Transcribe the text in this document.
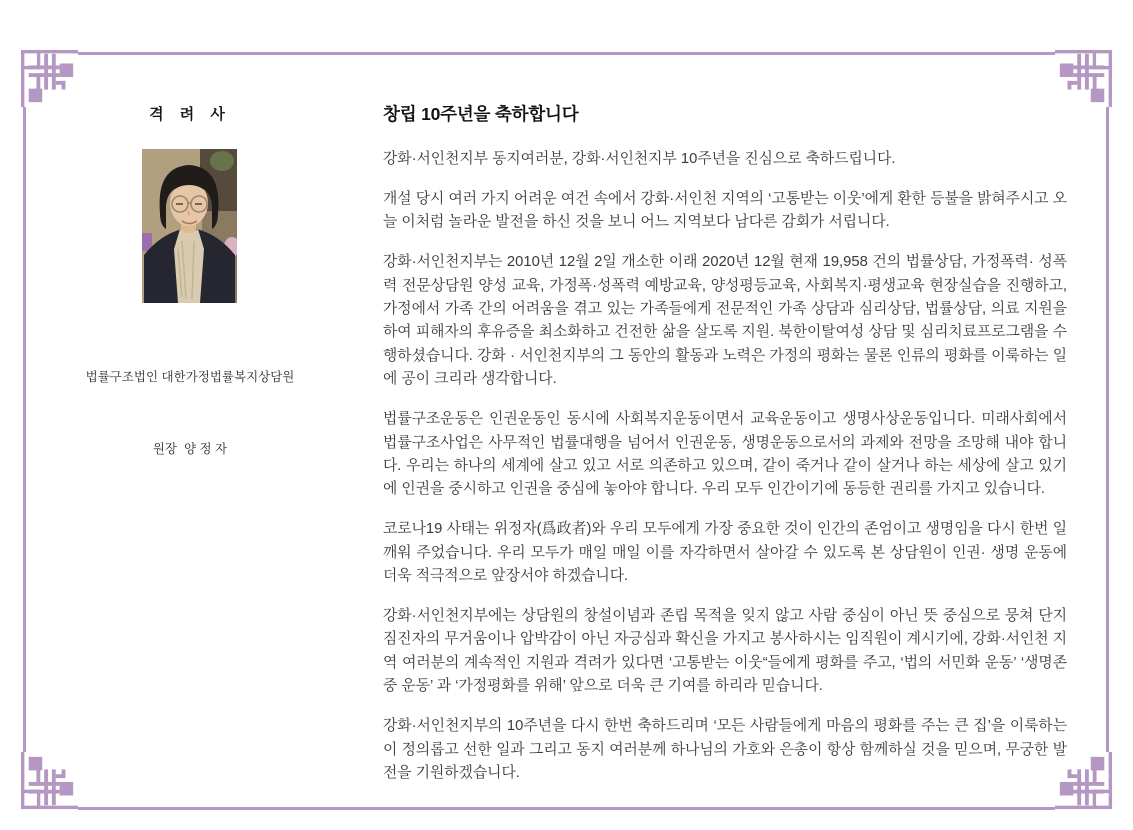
격 려 사

법률구조법인 대한가정법률복지상담원

원장  양 정 자

창립 10주년을 축하합니다

강화·서인천지부 동지여러분, 강화·서인천지부 10주년을 진심으로 축하드립니다.

개설 당시 여러 가지 어려운 여건 속에서 강화·서인천 지역의 ‘고통받는 이웃’에게 환한 등불을 밝혀주시고 오늘 이처럼 놀라운 발전을 하신 것을 보니 어느 지역보다 남다른 감회가 서립니다.

강화·서인천지부는 2010년 12월 2일 개소한 이래 2020년 12월 현재 19,958 건의 법률상담, 가정폭력· 성폭력 전문상담원 양성 교육, 가정폭·성폭력 예방교육, 양성평등교육, 사회복지·평생교육 현장실습을 진행하고, 가정에서 가족 간의 어려움을 겪고 있는 가족들에게 전문적인 가족 상담과 심리상담, 법률상담, 의료 지원을 하여 피해자의 후유증을 최소화하고 건전한 삶을 살도록 지원. 북한이탈여성 상담 및 심리치료프로그램을 수행하셨습니다. 강화 · 서인천지부의 그 동안의 활동과 노력은 가정의 평화는 물론 인류의 평화를 이룩하는 일에 공이 크리라 생각합니다.

법률구조운동은 인권운동인 동시에 사회복지운동이면서 교육운동이고 생명사상운동입니다. 미래사회에서 법률구조사업은 사무적인 법률대행을 넘어서 인권운동, 생명운동으로서의 과제와 전망을 조망해 내야 합니다. 우리는 하나의 세계에 살고 있고 서로 의존하고 있으며, 같이 죽거나 같이 살거나 하는 세상에 살고 있기에 인권을 중시하고 인권을 중심에 놓아야 합니다. 우리 모두 인간이기에 동등한 권리를 가지고 있습니다.

코로나19 사태는 위정자(爲政者)와 우리 모두에게 가장 중요한 것이 인간의 존엄이고 생명임을 다시 한번 일깨워 주었습니다. 우리 모두가 매일 매일 이를 자각하면서 살아갈 수 있도록 본 상담원이 인권· 생명 운동에 더욱 적극적으로 앞장서야 하겠습니다.

강화·서인천지부에는 상담원의 창설이념과 존립 목적을 잊지 않고 사람 중심이 아닌 뜻 중심으로 뭉쳐 단지 짐진자의 무거움이나 압박감이 아닌 자긍심과 확신을 가지고 봉사하시는 임직원이 계시기에, 강화·서인천 지역 여러분의 계속적인 지원과 격려가 있다면 ‘고통받는 이웃“들에게 평화를 주고, ‘법의 서민화 운동’ ‘생명존중 운동’ 과 ‘가정평화를 위해’ 앞으로 더욱 큰 기여를 하리라 믿습니다.

강화·서인천지부의 10주년을 다시 한번 축하드리며 ‘모든 사람들에게 마음의 평화를 주는 큰 집’을 이룩하는 이 정의롭고 선한 일과 그리고 동지 여러분께 하나님의 가호와 은총이 항상 함께하실 것을 믿으며, 무궁한 발전을 기원하겠습니다.
